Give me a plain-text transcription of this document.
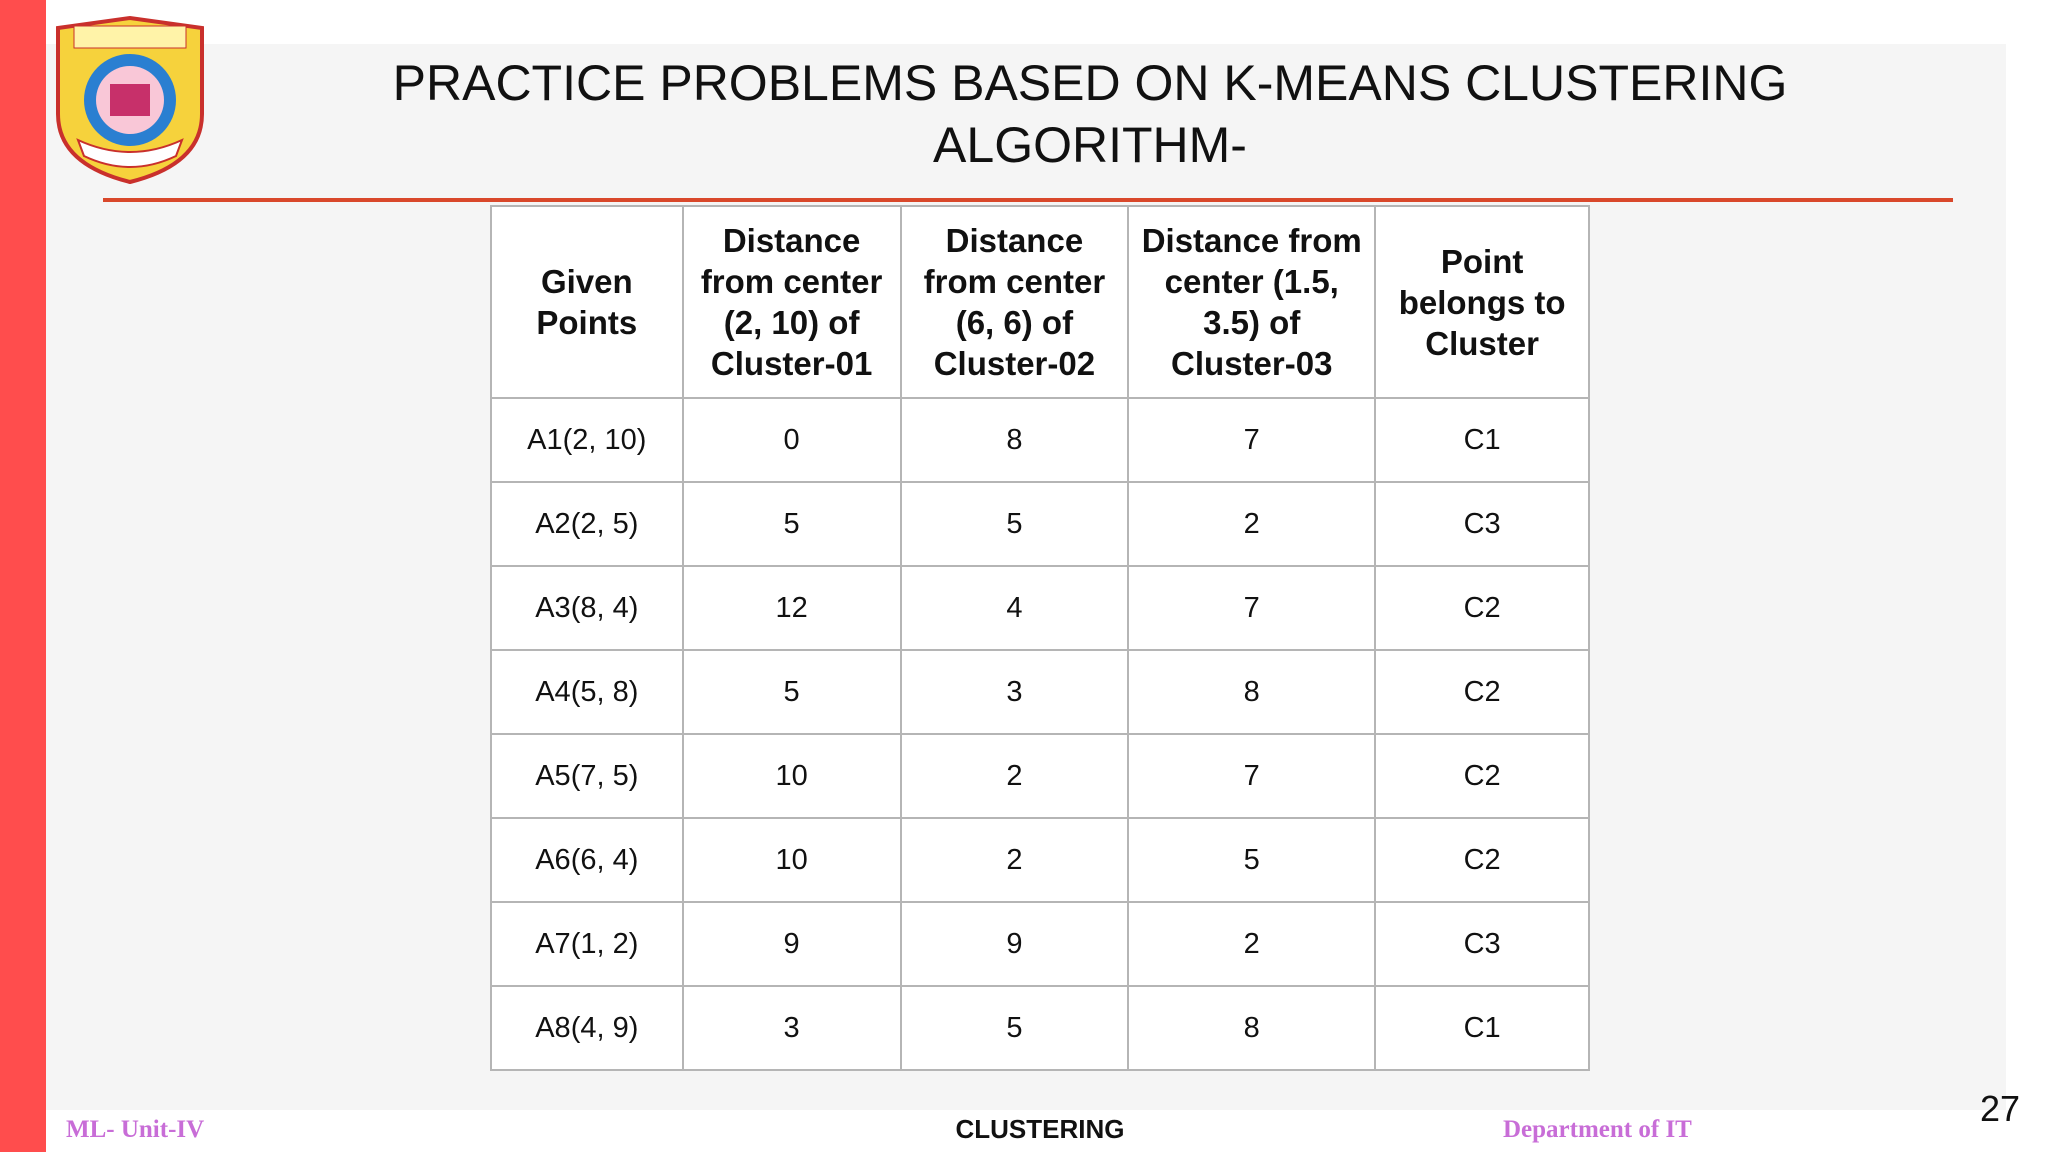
PRACTICE PROBLEMS BASED ON K-MEANS CLUSTERING
ALGORITHM-
Given Points	Distance from center (2, 10) of Cluster-01	Distance from center (6, 6) of Cluster-02	Distance from center (1.5, 3.5) of Cluster-03	Point belongs to Cluster
A1(2, 10)	0	8	7	C1
A2(2, 5)	5	5	2	C3
A3(8, 4)	12	4	7	C2
A4(5, 8)	5	3	8	C2
A5(7, 5)	10	2	7	C2
A6(6, 4)	10	2	5	C2
A7(1, 2)	9	9	2	C3
A8(4, 9)	3	5	8	C1
ML- Unit-IV	CLUSTERING	Department of IT
27
